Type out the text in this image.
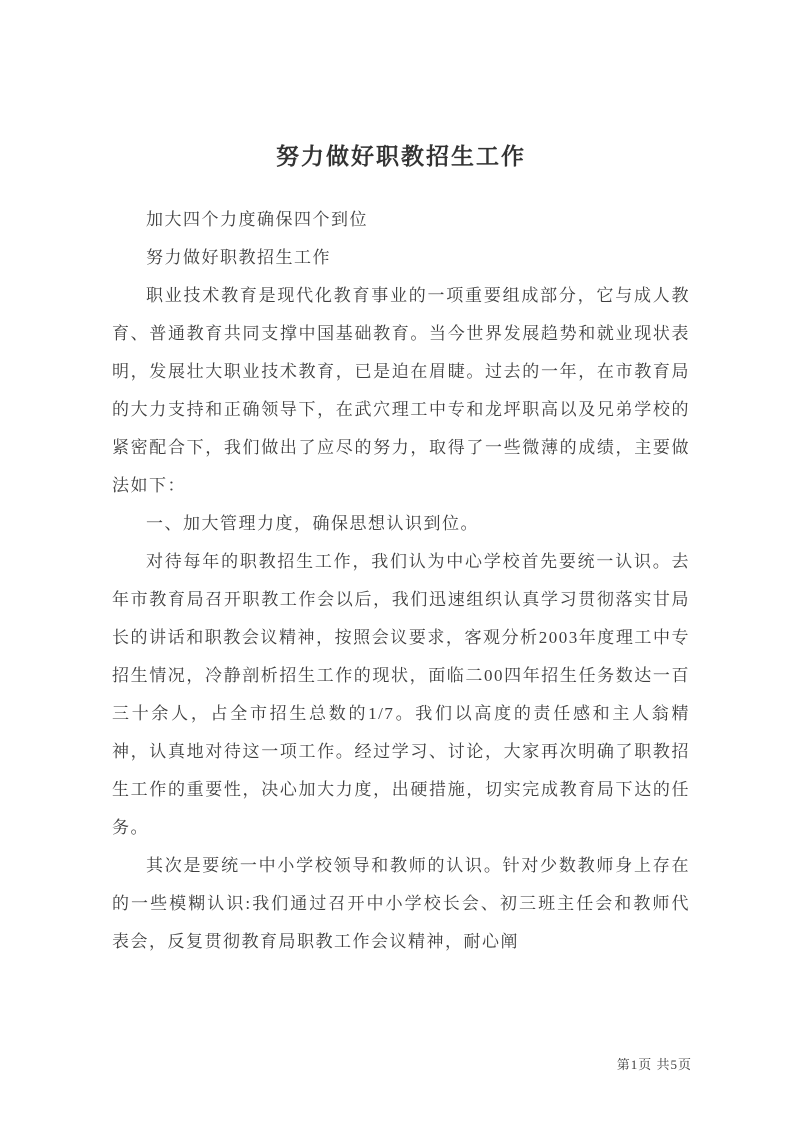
努力做好职教招生工作

加大四个力度确保四个到位

努力做好职教招生工作

职业技术教育是现代化教育事业的一项重要组成部分，它与成人教育、普通教育共同支撑中国基础教育。当今世界发展趋势和就业现状表明，发展壮大职业技术教育，已是迫在眉睫。过去的一年，在市教育局的大力支持和正确领导下，在武穴理工中专和龙坪职高以及兄弟学校的紧密配合下，我们做出了应尽的努力，取得了一些微薄的成绩，主要做法如下：

一、加大管理力度，确保思想认识到位。

对待每年的职教招生工作，我们认为中心学校首先要统一认识。去年市教育局召开职教工作会以后，我们迅速组织认真学习贯彻落实甘局长的讲话和职教会议精神，按照会议要求，客观分析2003年度理工中专招生情况，冷静剖析招生工作的现状，面临二00四年招生任务数达一百三十余人，占全市招生总数的1/7。我们以高度的责任感和主人翁精神，认真地对待这一项工作。经过学习、讨论，大家再次明确了职教招生工作的重要性，决心加大力度，出硬措施，切实完成教育局下达的任务。

其次是要统一中小学校领导和教师的认识。针对少数教师身上存在的一些模糊认识:我们通过召开中小学校长会、初三班主任会和教师代表会，反复贯彻教育局职教工作会议精神，耐心阐

第1页 共5页
